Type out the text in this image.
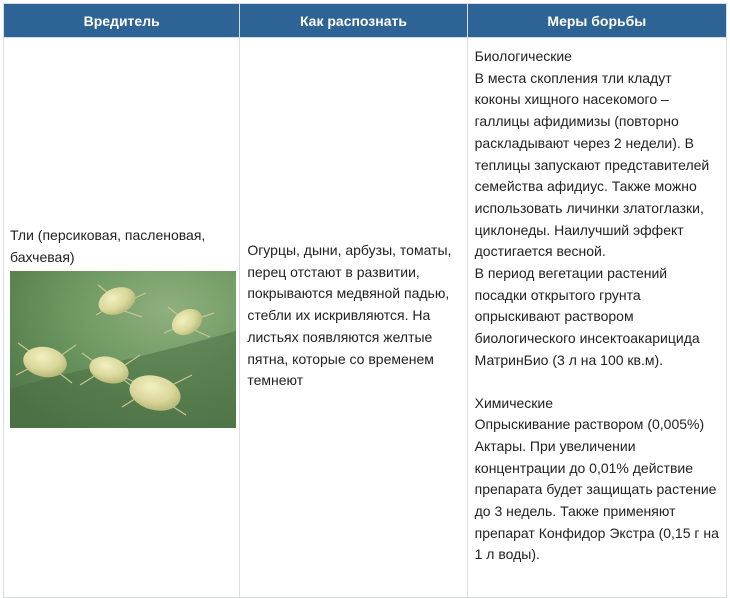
Вредитель	Как распознать	Меры борьбы

Тли (персиковая, пасленовая, бахчевая)	Огурцы, дыни, арбузы, томаты, перец отстают в развитии, покрываются медвяной падью, стебли их искривляются. На листьях появляются желтые пятна, которые со временем темнеют	Биологические
В места скопления тли кладут коконы хищного насекомого – галлицы афидимизы (повторно раскладывают через 2 недели). В теплицы запускают представителей семейства афидиус. Также можно использовать личинки златоглазки, циклонеды. Наилучший эффект достигается весной.
В период вегетации растений посадки открытого грунта опрыскивают раствором биологического инсектоакарицида МатринБио (3 л на 100 кв.м).
Химические
Опрыскивание раствором (0,005%) Актары. При увеличении концентрации до 0,01% действие препарата будет защищать растение до 3 недель. Также применяют препарат Конфидор Экстра (0,15 г на 1 л воды).
